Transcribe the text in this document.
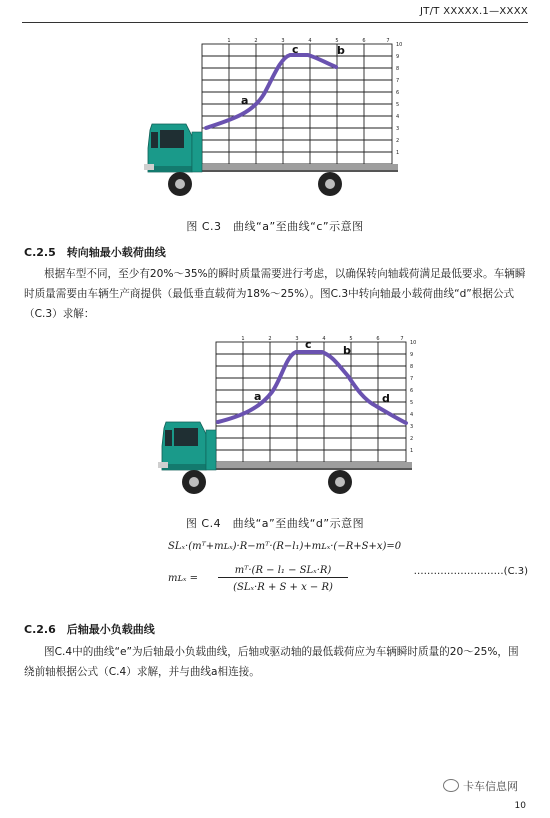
JT/T XXXXX.1—XXXX
1	2	3	4	5	6	7
10
9
8
7
6
5
4
3
2
1
a
c	b
图 C.3　曲线“a”至曲线“c”示意图
C.2.5　转向轴最小载荷曲线
根据车型不同，至少有20%～35%的瞬时质量需要进行考虑，以确保转向轴载荷满足最低要求。车辆瞬时质量需要由车辆生产商提供（最低垂直载荷为18%～25%）。图C.3中转向轴最小载荷曲线“d”根据公式（C.3）求解：
1	2	3	4	5	6	7
10
9
8
7
6
5
4
3
2
1
a
c	b
d
图 C.4　曲线“a”至曲线“d”示意图
SLₓ·(mᵀ+mʟₓ)·R−mᵀ·(R−l₁)+mʟₓ·(−R+S+x)=0
mʟₓ =
mᵀ·(R − l₁ − SLₓ·R)
(SLₓ·R + S + x − R)
………………………(C.3)
C.2.6　后轴最小负载曲线
图C.4中的曲线“e”为后轴最小负载曲线，后轴或驱动轴的最低载荷应为车辆瞬时质量的20～25%，围绕前轴根据公式（C.4）求解，并与曲线a相连接。
卡车信息网
10
